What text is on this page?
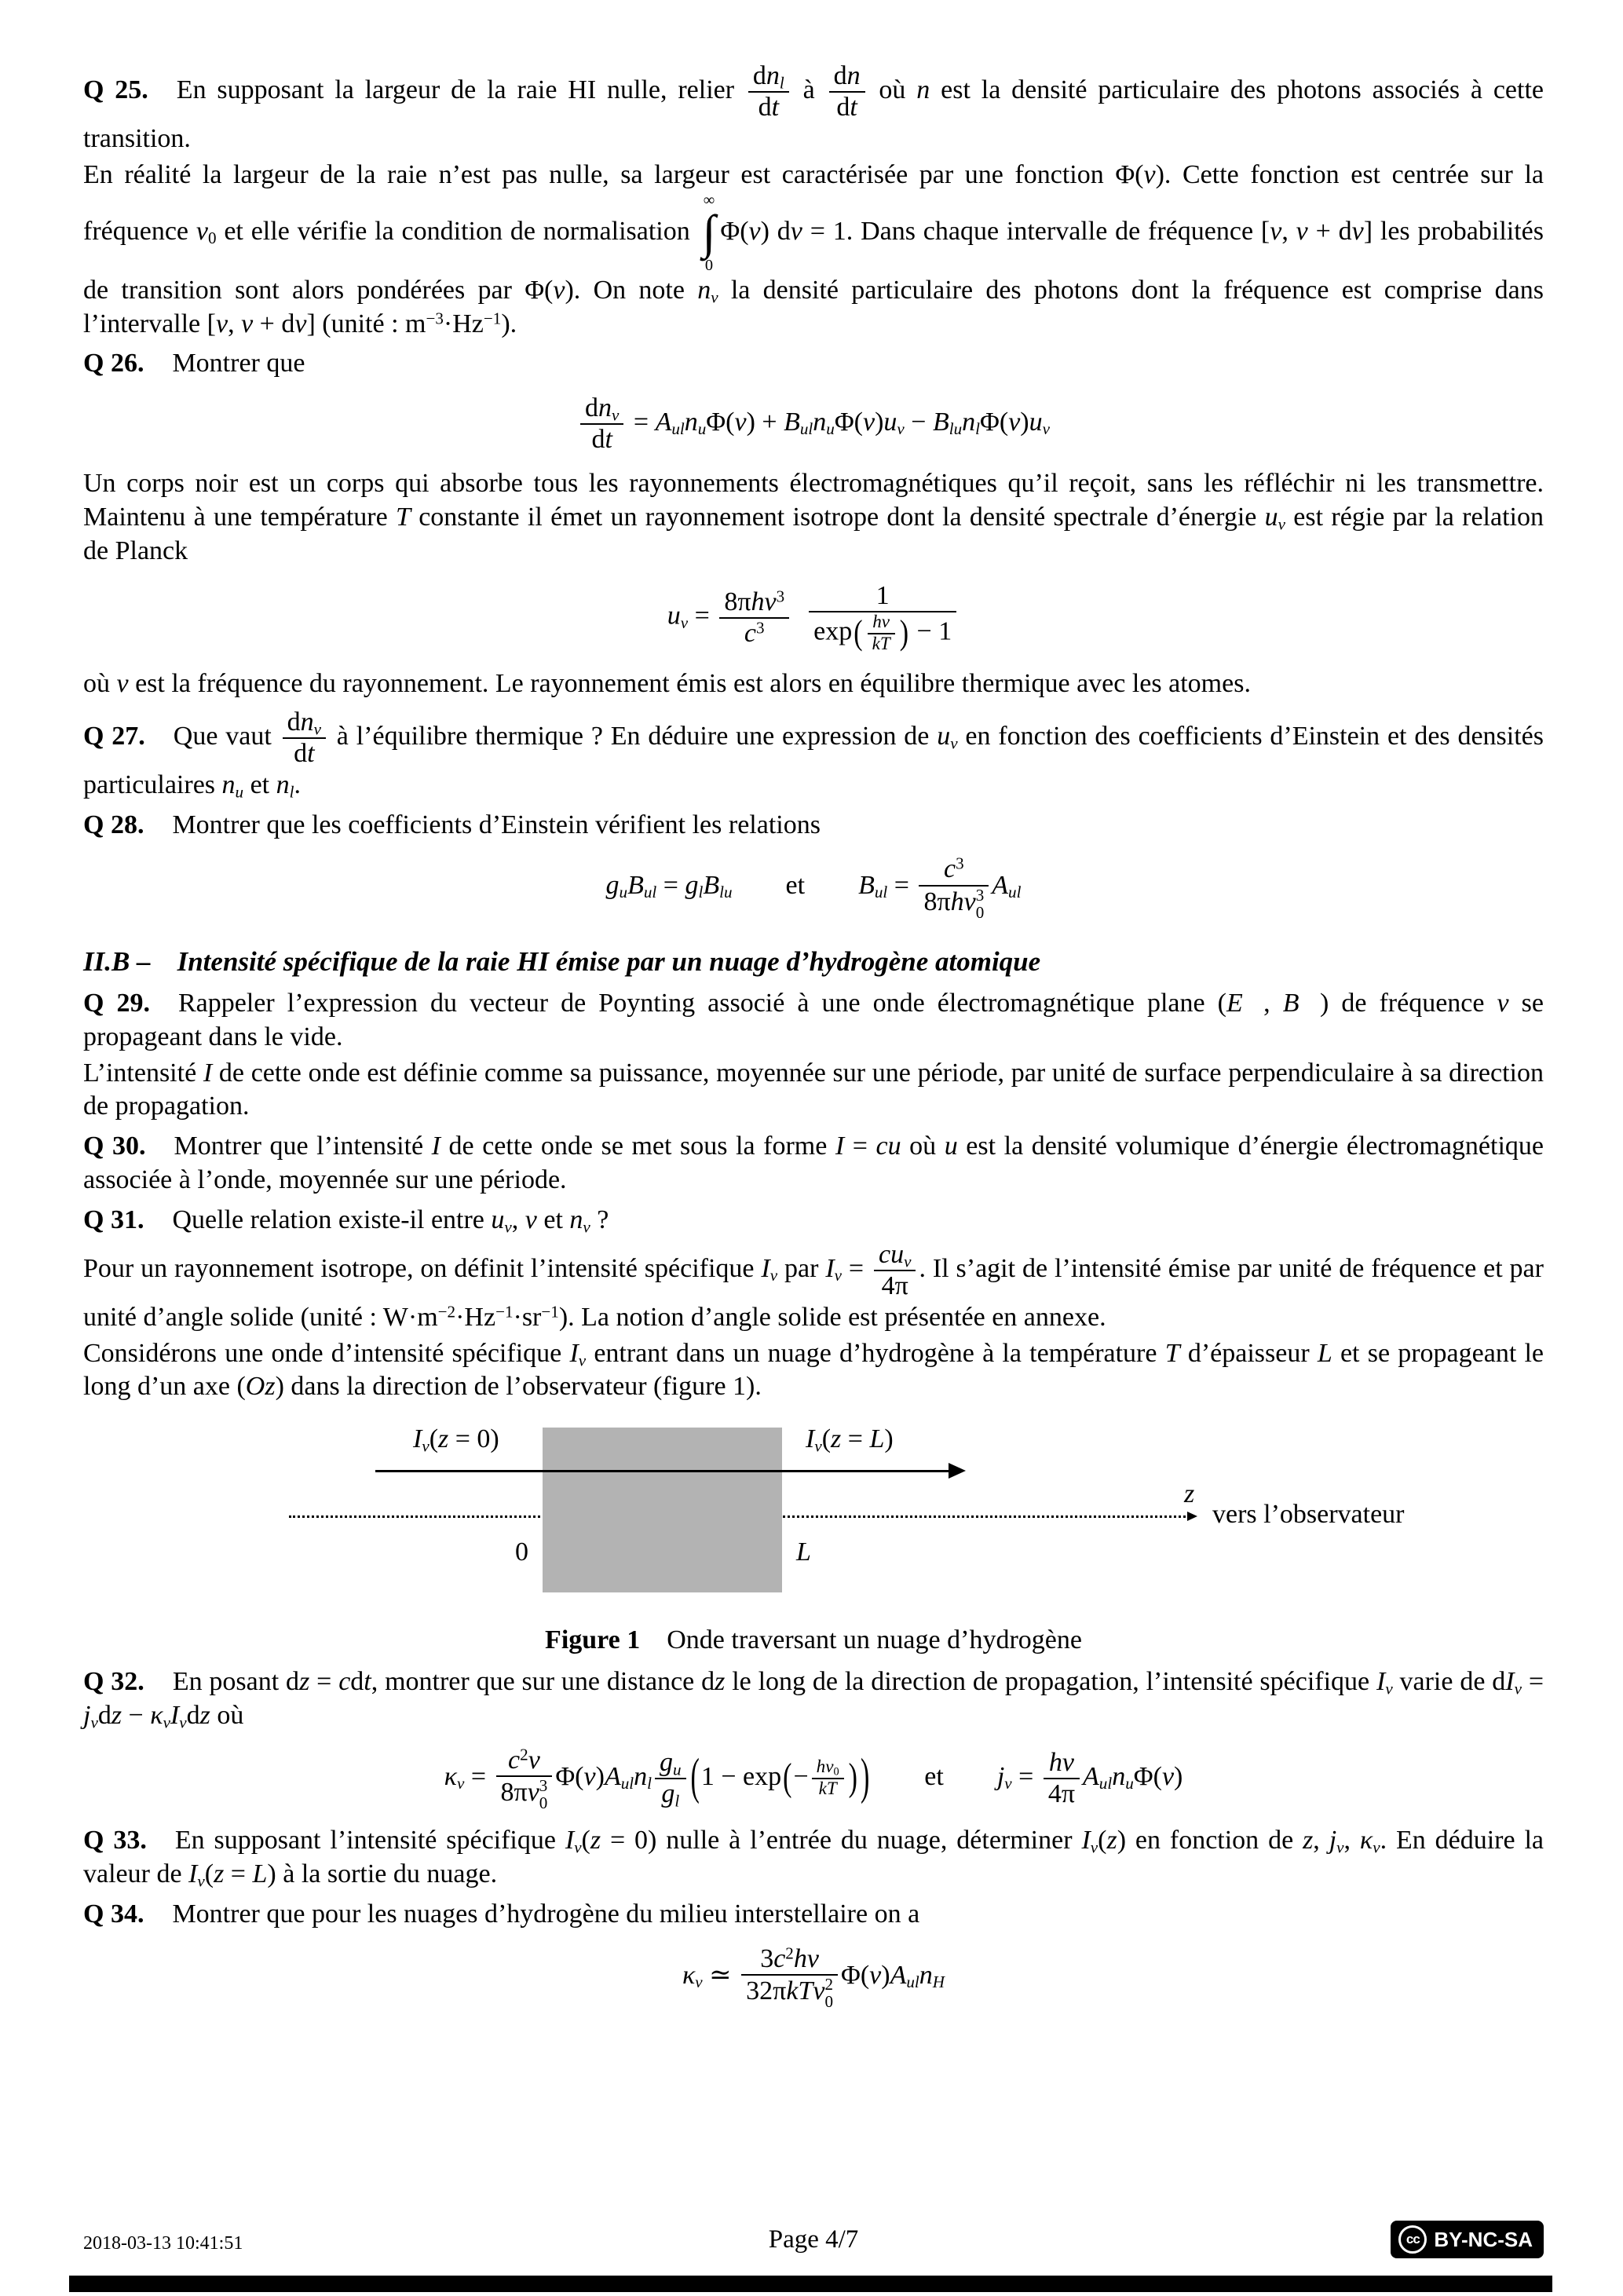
Q 25. En supposant la largeur de la raie HI nulle, relier $\frac{dn_l}{dt}$ à $\frac{dn}{dt}$ où n est la densité particulaire des photons associés à cette transition.

En réalité la largeur de la raie n’est pas nulle, sa largeur est caractérisée par une fonction Φ(ν). Cette fonction est centrée sur la fréquence $\nu_0$ et elle vérifie la condition de normalisation
∞
∫
0
Φ(ν) dν = 1. Dans chaque intervalle de fréquence [ν, ν + dν] les probabilités de transition sont alors pondérées par Φ(ν). On note $n_\nu$ la densité particulaire des photons dont la fréquence est comprise dans l’intervalle [ν, ν + dν] (unité : $m^{-3}\cdot Hz^{-1}$).

Q 26. Montrer que

$\frac{dn_\nu}{dt} = A_{ul}n_u\Phi(\nu) + B_{ul}n_u\Phi(\nu)u_\nu - B_{lu}n_l\Phi(\nu)u_\nu$

Un corps noir est un corps qui absorbe tous les rayonnements électromagnétiques qu’il reçoit, sans les réfléchir ni les transmettre. Maintenu à une température T constante il émet un rayonnement isotrope dont la densité spectrale d’énergie $u_\nu$ est régie par la relation de Planck

$u_\nu = \frac{8\pi h\nu^3}{c^3}$
  $\frac{1}{\exp( \frac{h\nu}{kT} ) - 1}$

où ν est la fréquence du rayonnement. Le rayonnement émis est alors en équilibre thermique avec les atomes.

Q 27. Que vaut $\frac{dn_\nu}{dt}$ à l’équilibre thermique ? En déduire une expression de $u_\nu$ en fonction des coefficients d’Einstein et des densités particulaires $n_u$ et $n_l$.

Q 28. Montrer que les coefficients d’Einstein vérifient les relations

$g_uB_{ul} = g_lB_{lu}$  et  $B_{ul} = c^3$
8πhν 3
0 $A_{ul}$

II.B – Intensité spécifique de la raie HI émise par un nuage d’hydrogène atomique

Q 29. Rappeler l’expression du vecteur de Poynting associé à une onde électromagnétique plane (E⃗, B⃗) de fréquence ν se propageant dans le vide.

L’intensité I de cette onde est définie comme sa puissance, moyennée sur une période, par unité de surface perpendiculaire à sa direction de propagation.

Q 30. Montrer que l’intensité I de cette onde se met sous la forme I = cu où u est la densité volumique d’énergie électromagnétique associée à l’onde, moyennée sur une période.

Q 31. Quelle relation existe-il entre $u_\nu$, ν et $n_\nu$ ?

Pour un rayonnement isotrope, on définit l’intensité spécifique $I_\nu$ par $I_\nu = \frac{cu_\nu}{4\pi}$ . Il s’agit de l’intensité émise par unité de fréquence et par unité d’angle solide (unité : $W\cdot m^{-2}\cdot Hz^{-1}\cdot sr^{-1}$). La notion d’angle solide est présentée en annexe.

Considérons une onde d’intensité spécifique $I_\nu$ entrant dans un nuage d’hydrogène à la température T d’épaisseur L et se propageant le long d’un axe (Oz) dans la direction de l’observateur (figure 1).

$I_\nu(z = 0)$	$I_\nu(z = L)$
z
vers l’observateur
0	L

Figure 1 Onde traversant un nuage d’hydrogène

Q 32. En posant dz = cdt, montrer que sur une distance dz le long de la direction de propagation, l’intensité spécifique $I_\nu$ varie de $dI_\nu = j_\nu dz - \kappa_\nu I_\nu dz$ où

$\kappa_\nu = c^2\nu$
8πν 3
0 $\Phi(\nu)A_{ul}n_l \frac{g_u}{g_l} (1 - \exp(- \frac{h\nu_0}{kT}$ ) )  et  $j_\nu = \frac{h\nu}{4\pi} A_{ul}n_u\Phi(\nu)$

Q 33. En supposant l’intensité spécifique $I_\nu(z = 0)$ nulle à l’entrée du nuage, déterminer $I_\nu(z)$ en fonction de z, $j_\nu$, $\kappa_\nu$. En déduire la valeur de $I_\nu(z = L)$ à la sortie du nuage.

Q 34. Montrer que pour les nuages d’hydrogène du milieu interstellaire on a

$\kappa_\nu$ ≃ $3c^2h\nu$
32πkTν 2
0 $\Phi(\nu)A_{ul}n_H$
2018-03-13 10:41:51	Page 4/7	cc BY-NC-SA
